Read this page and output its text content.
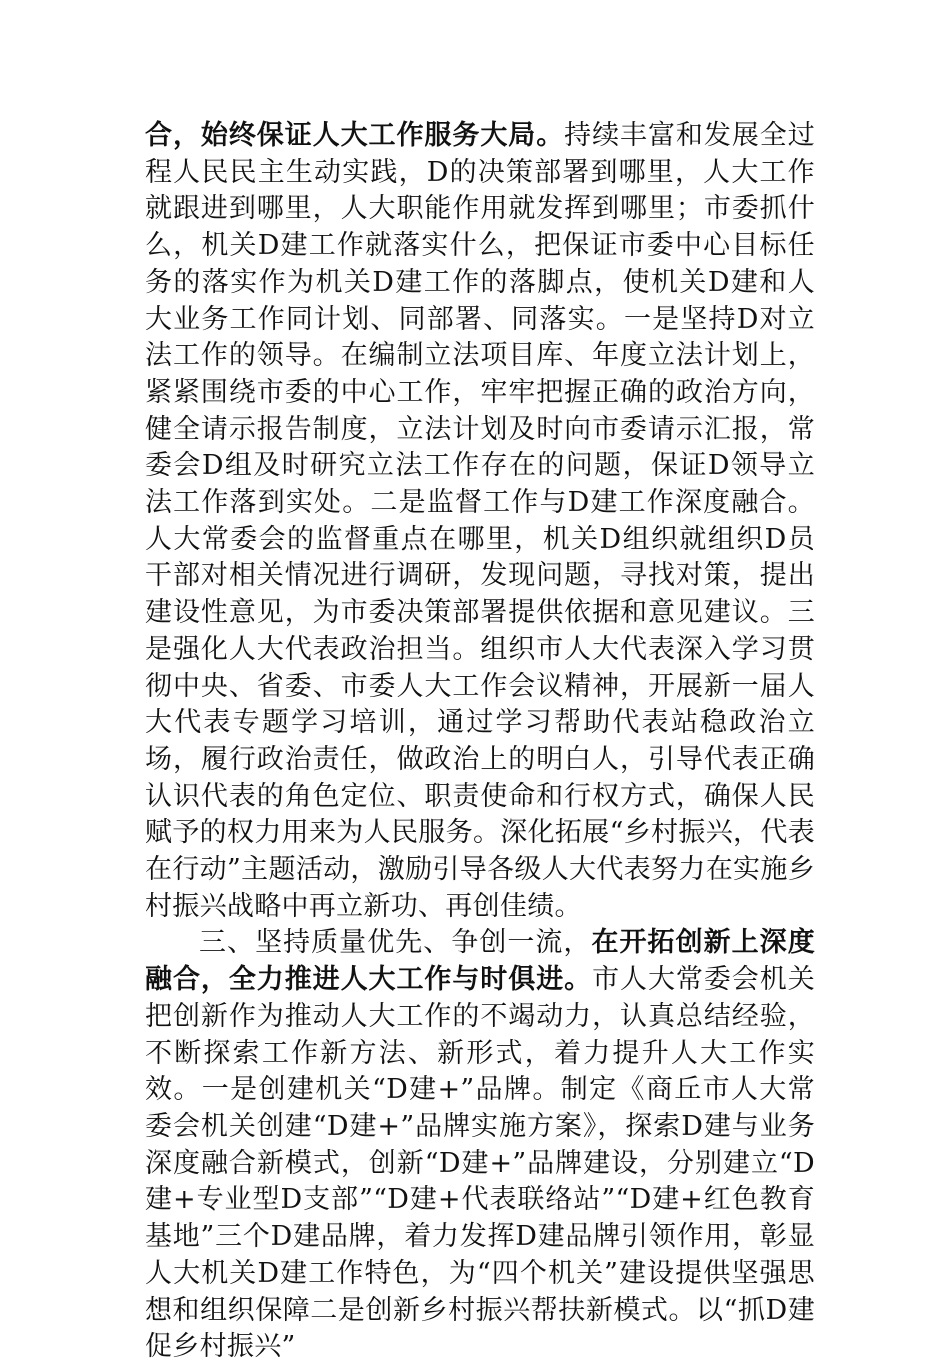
合，始终保证人大工作服务大局。持续丰富和发展全过程人民民主生动实践，D的决策部署到哪里，人大工作就跟进到哪里，人大职能作用就发挥到哪里；市委抓什么，机关D建工作就落实什么，把保证市委中心目标任务的落实作为机关D建工作的落脚点，使机关D建和人大业务工作同计划、同部署、同落实。一是坚持D对立法工作的领导。在编制立法项目库、年度立法计划上，紧紧围绕市委的中心工作，牢牢把握正确的政治方向，健全请示报告制度，立法计划及时向市委请示汇报，常委会D组及时研究立法工作存在的问题，保证D领导立法工作落到实处。二是监督工作与D建工作深度融合。人大常委会的监督重点在哪里，机关D组织就组织D员干部对相关情况进行调研，发现问题，寻找对策，提出建设性意见，为市委决策部署提供依据和意见建议。三是强化人大代表政治担当。组织市人大代表深入学习贯彻中央、省委、市委人大工作会议精神，开展新一届人大代表专题学习培训，通过学习帮助代表站稳政治立场，履行政治责任，做政治上的明白人，引导代表正确认识代表的角色定位、职责使命和行权方式，确保人民赋予的权力用来为人民服务。深化拓展“乡村振兴，代表在行动”主题活动，激励引导各级人大代表努力在实施乡村振兴战略中再立新功、再创佳绩。

三、坚持质量优先、争创一流，在开拓创新上深度融合，全力推进人大工作与时俱进。市人大常委会机关把创新作为推动人大工作的不竭动力，认真总结经验，不断探索工作新方法、新形式，着力提升人大工作实效。一是创建机关“D建+”品牌。制定《商丘市人大常委会机关创建“D建+”品牌实施方案》，探索D建与业务深度融合新模式，创新“D建+”品牌建设，分别建立“D建+专业型D支部”“D建+代表联络站”“D建+红色教育基地”三个D建品牌，着力发挥D建品牌引领作用，彰显人大机关D建工作特色，为“四个机关”建设提供坚强思想和组织保障二是创新乡村振兴帮扶新模式。以“抓D建促乡村振兴”
